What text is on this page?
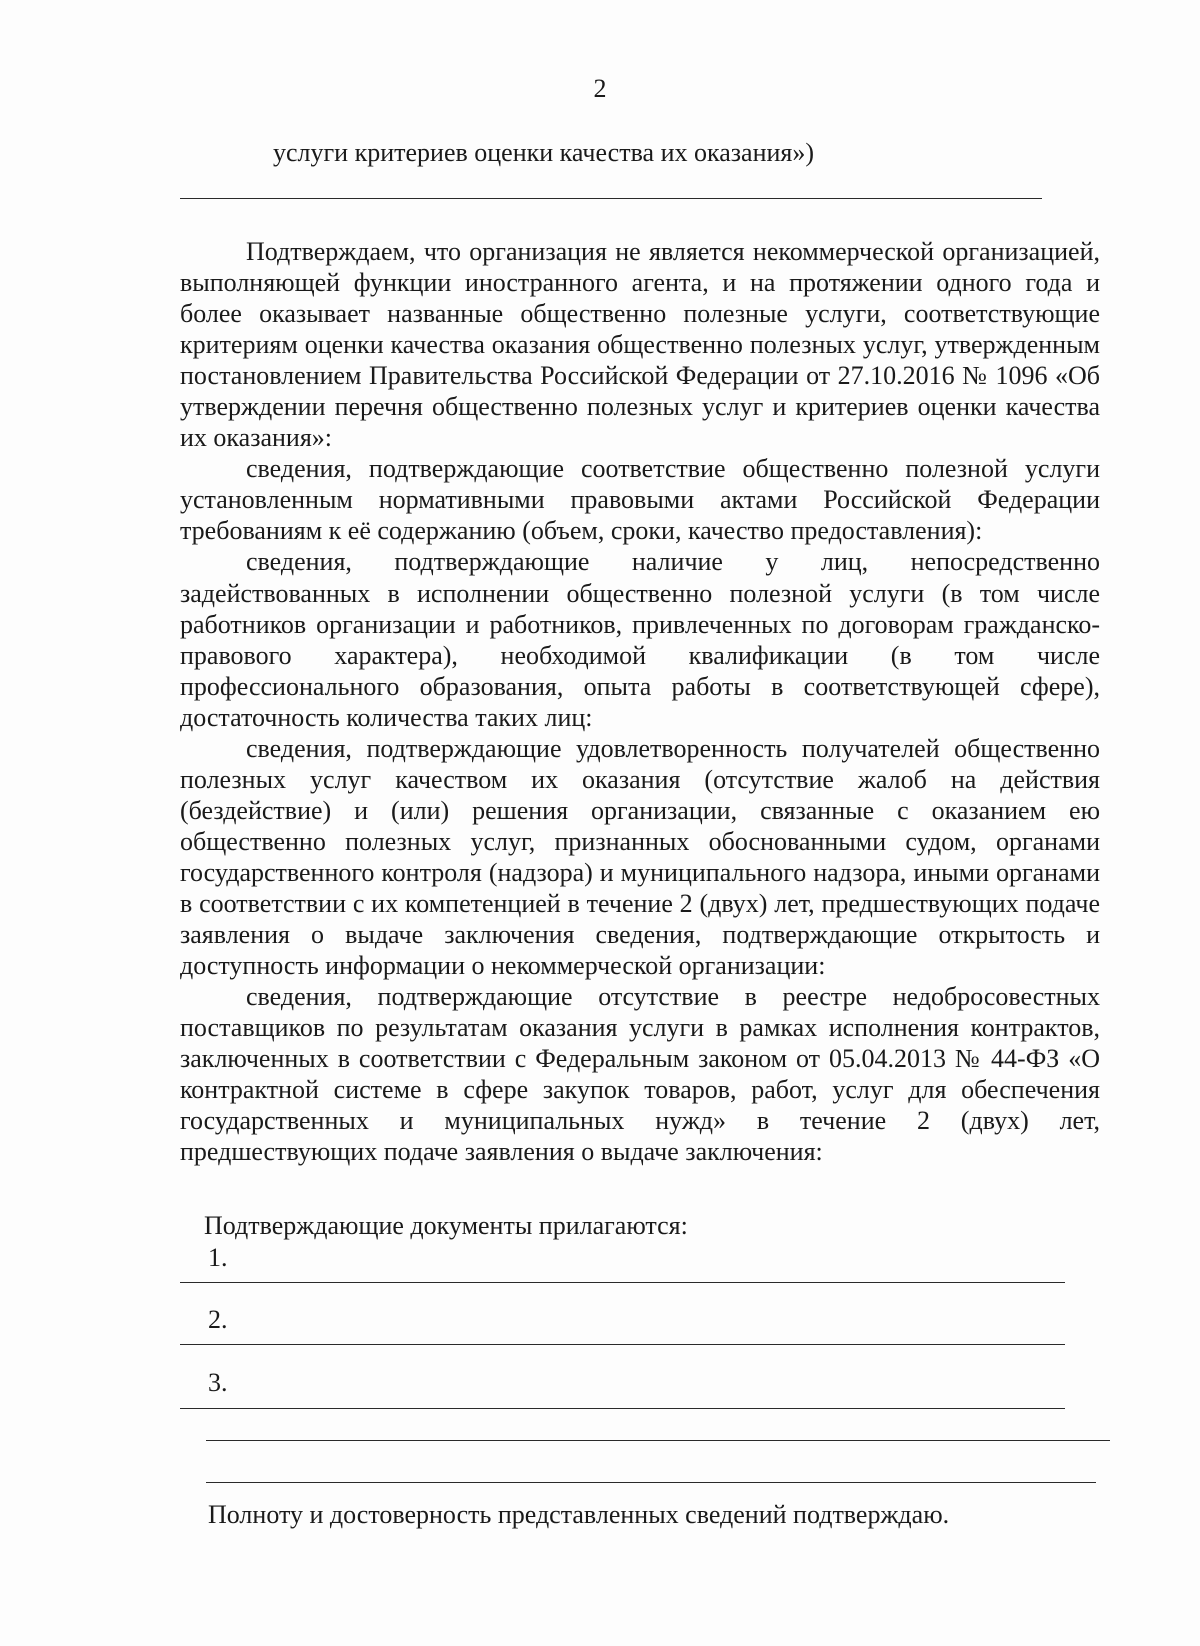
2
услуги критериев оценки качества их оказания»)

Подтверждаем, что организация не является некоммерческой организацией, выполняющей функции иностранного агента, и на протяжении одного года и более оказывает названные общественно полезные услуги, соответствующие критериям оценки качества оказания общественно полезных услуг, утвержденным постановлением Правительства Российской Федерации от 27.10.2016 № 1096 «Об утверждении перечня общественно полезных услуг и критериев оценки качества их оказания»:

сведения, подтверждающие соответствие общественно полезной услуги установленным нормативными правовыми актами Российской Федерации требованиям к её содержанию (объем, сроки, качество предоставления):

сведения, подтверждающие наличие у лиц, непосредственно задействованных в исполнении общественно полезной услуги (в том числе работников организации и работников, привлеченных по договорам гражданско-правового характера), необходимой квалификации (в том числе профессионального образования, опыта работы в соответствующей сфере), достаточность количества таких лиц:

сведения, подтверждающие удовлетворенность получателей общественно полезных услуг качеством их оказания (отсутствие жалоб на действия (бездействие) и (или) решения организации, связанные с оказанием ею общественно полезных услуг, признанных обоснованными судом, органами государственного контроля (надзора) и муниципального надзора, иными органами в соответствии с их компетенцией в течение 2 (двух) лет, предшествующих подаче заявления о выдаче заключения сведения, подтверждающие открытость и доступность информации о некоммерческой организации:

сведения, подтверждающие отсутствие в реестре недобросовестных поставщиков по результатам оказания услуги в рамках исполнения контрактов, заключенных в соответствии с Федеральным законом от 05.04.2013 № 44-ФЗ «О контрактной системе в сфере закупок товаров, работ, услуг для обеспечения государственных и муниципальных нужд» в течение 2 (двух) лет, предшествующих подаче заявления о выдаче заключения:

Подтверждающие документы прилагаются:
1.
2.
3.
Полноту и достоверность представленных сведений подтверждаю.
